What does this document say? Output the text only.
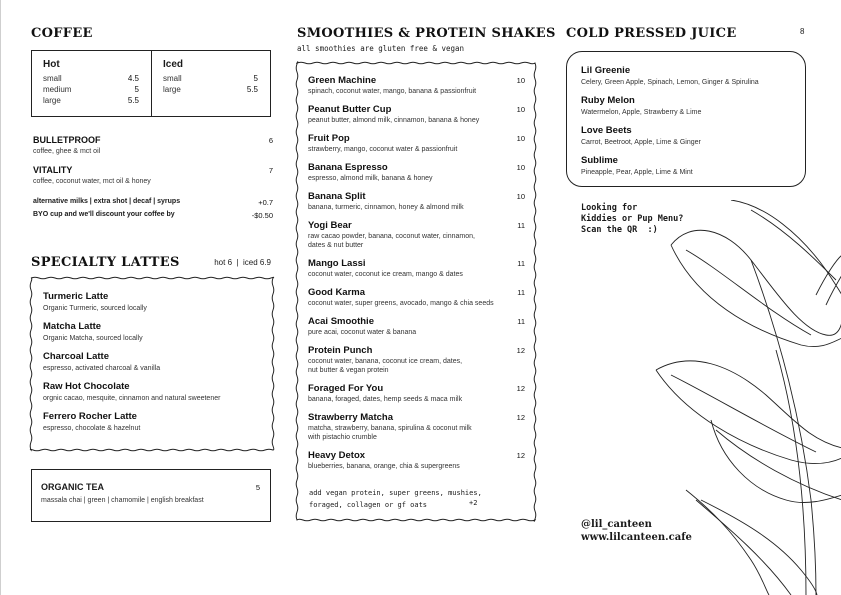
COFFEE
Hot
small	4.5
medium	5
large	5.5
Iced
small	5
large	5.5
BULLETPROOF
coffee, ghee & mct oil
6
VITALITY
coffee, coconut water, mct oil & honey
7
alternative milks | extra shot | decaf | syrups	+0.7
BYO cup and we'll discount your coffee by	-$0.50
SPECIALTY LATTES	hot 6  |  iced 6.9
Turmeric Latte
Organic Turmeric, sourced locally
Matcha Latte
Organic Matcha, sourced locally
Charcoal Latte
espresso, activated charcoal & vanilla
Raw Hot Chocolate
orgnic cacao, mesquite, cinnamon and natural sweetener
Ferrero Rocher Latte
espresso, chocolate & hazelnut
ORGANIC TEA
massala chai | green | chamomile | english breakfast
5
SMOOTHIES & PROTEIN SHAKES
all smoothies are gluten free & vegan
Green Machine
spinach, coconut water, mango, banana & passionfruit
10
Peanut Butter Cup
peanut butter, almond milk, cinnamon, banana & honey
10
Fruit Pop
strawberry, mango, coconut water & passionfruit
10
Banana Espresso
espresso, almond milk, banana & honey
10
Banana Split
banana, turmeric, cinnamon, honey & almond milk
10
Yogi Bear
raw cacao powder, banana, coconut water, cinnamon,
dates & nut butter
11
Mango Lassi
coconut water, coconut ice cream, mango & dates
11
Good Karma
coconut water, super greens, avocado, mango & chia seeds
11
Acai Smoothie
pure acai, coconut water & banana
11
Protein Punch
coconut water, banana, coconut ice cream, dates,
nut butter & vegan protein
12
Foraged For You
banana, foraged, dates, hemp seeds & maca milk
12
Strawberry Matcha
matcha, strawberry, banana, spirulina & coconut milk
with pistachio crumble
12
Heavy Detox
blueberries, banana, orange, chia & supergreens
12
add vegan protein, super greens, mushies,
foraged, collagen or gf oats	+2
COLD PRESSED JUICE	8
Lil Greenie
Celery, Green Apple, Spinach, Lemon, Ginger & Spirulina
Ruby Melon
Watermelon, Apple, Strawberry & Lime
Love Beets
Carrot, Beetroot, Apple, Lime & Ginger
Sublime
Pineapple, Pear, Apple, Lime & Mint
Looking for
Kiddies or Pup Menu?
Scan the QR  :)
@lil_canteen
www.lilcanteen.cafe
